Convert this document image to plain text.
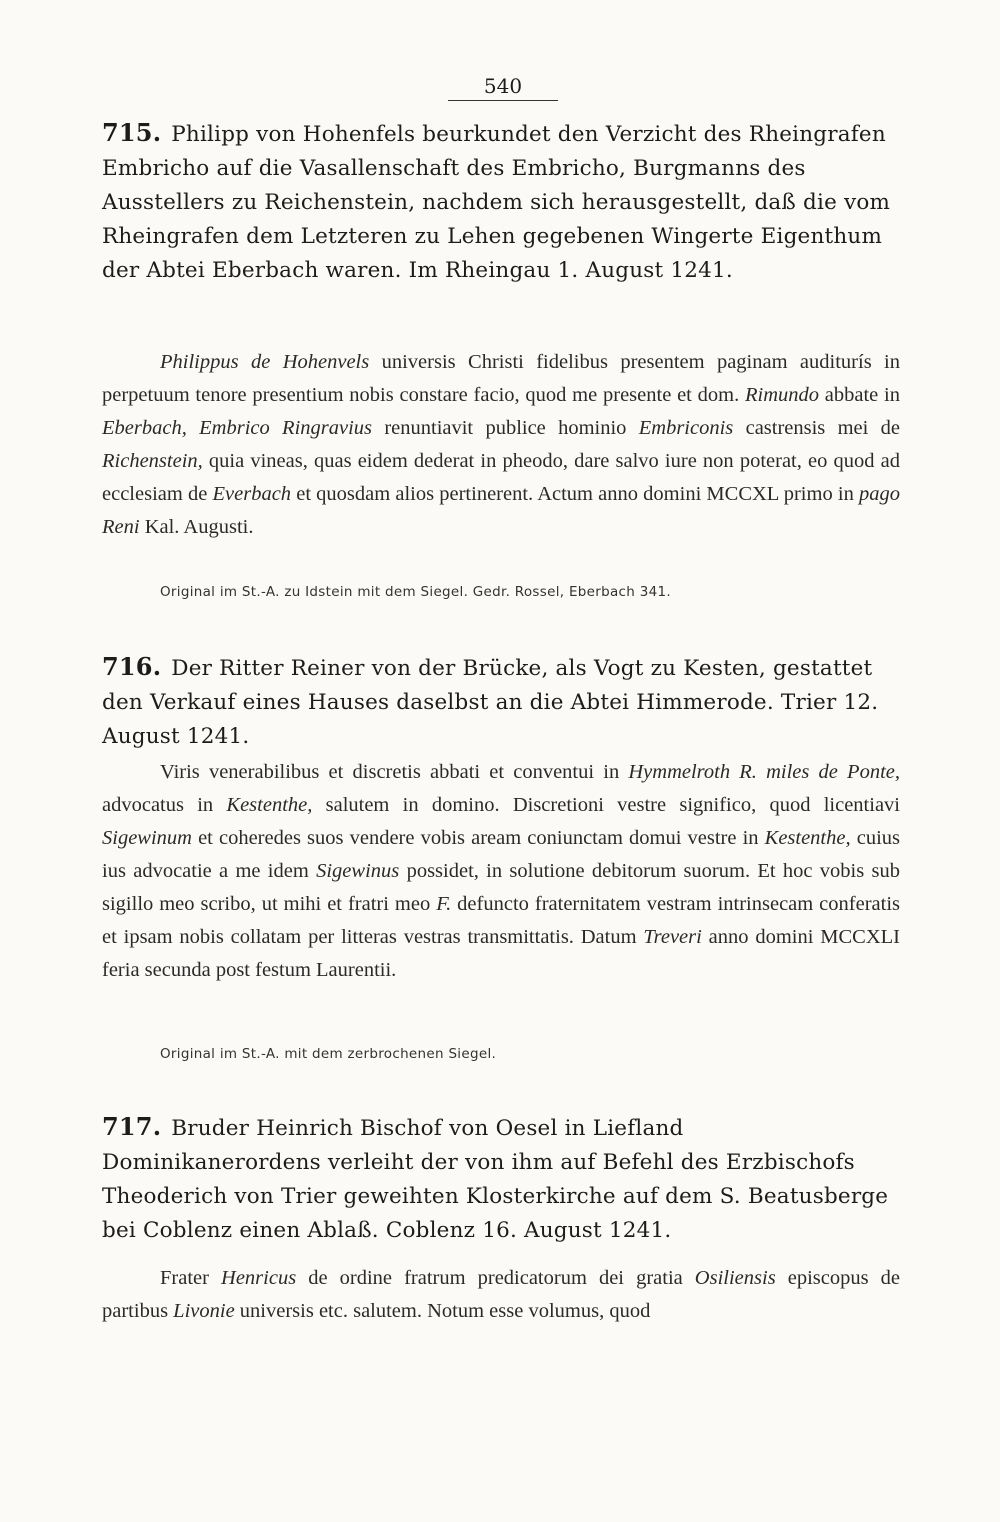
540
715. Philipp von Hohenfels beurkundet den Verzicht des Rheingrafen Embricho auf die Vasallenschaft des Embricho, Burgmanns des Ausstellers zu Reichenstein, nachdem sich herausgestellt, daß die vom Rheingrafen dem Letzteren zu Lehen gegebenen Wingerte Eigenthum der Abtei Eberbach waren. Im Rheingau 1. August 1241.

Philippus de Hohenvels universis Christi fidelibus presentem paginam auditurís in perpetuum tenore presentium nobis constare facio, quod me presente et dom. Rimundo abbate in Eberbach, Embrico Ringravius renuntiavit publice hominio Embriconis castrensis mei de Richenstein, quia vineas, quas eidem dederat in pheodo, dare salvo iure non poterat, eo quod ad ecclesiam de Everbach et quosdam alios pertinerent. Actum anno domini MCCXL primo in pago Reni Kal. Augusti.

Original im St.-A. zu Idstein mit dem Siegel. Gedr. Rossel, Eberbach 341.
716. Der Ritter Reiner von der Brücke, als Vogt zu Kesten, gestattet den Verkauf eines Hauses daselbst an die Abtei Himmerode. Trier 12. August 1241.

Viris venerabilibus et discretis abbati et conventui in Hymmelroth R. miles de Ponte, advocatus in Kestenthe, salutem in domino. Discretioni vestre significo, quod licentiavi Sigewinum et coheredes suos vendere vobis aream coniunctam domui vestre in Kestenthe, cuius ius advocatie a me idem Sigewinus possidet, in solutione debitorum suorum. Et hoc vobis sub sigillo meo scribo, ut mihi et fratri meo F. defuncto fraternitatem vestram intrinsecam conferatis et ipsam nobis collatam per litteras vestras transmittatis. Datum Treveri anno domini MCCXLI feria secunda post festum Laurentii.

Original im St.-A. mit dem zerbrochenen Siegel.
717. Bruder Heinrich Bischof von Oesel in Liefland Dominikanerordens verleiht der von ihm auf Befehl des Erzbischofs Theoderich von Trier geweihten Klosterkirche auf dem S. Beatusberge bei Coblenz einen Ablaß. Coblenz 16. August 1241.

Frater Henricus de ordine fratrum predicatorum dei gratia Osiliensis episcopus de partibus Livonie universis etc. salutem. Notum esse volumus, quod
